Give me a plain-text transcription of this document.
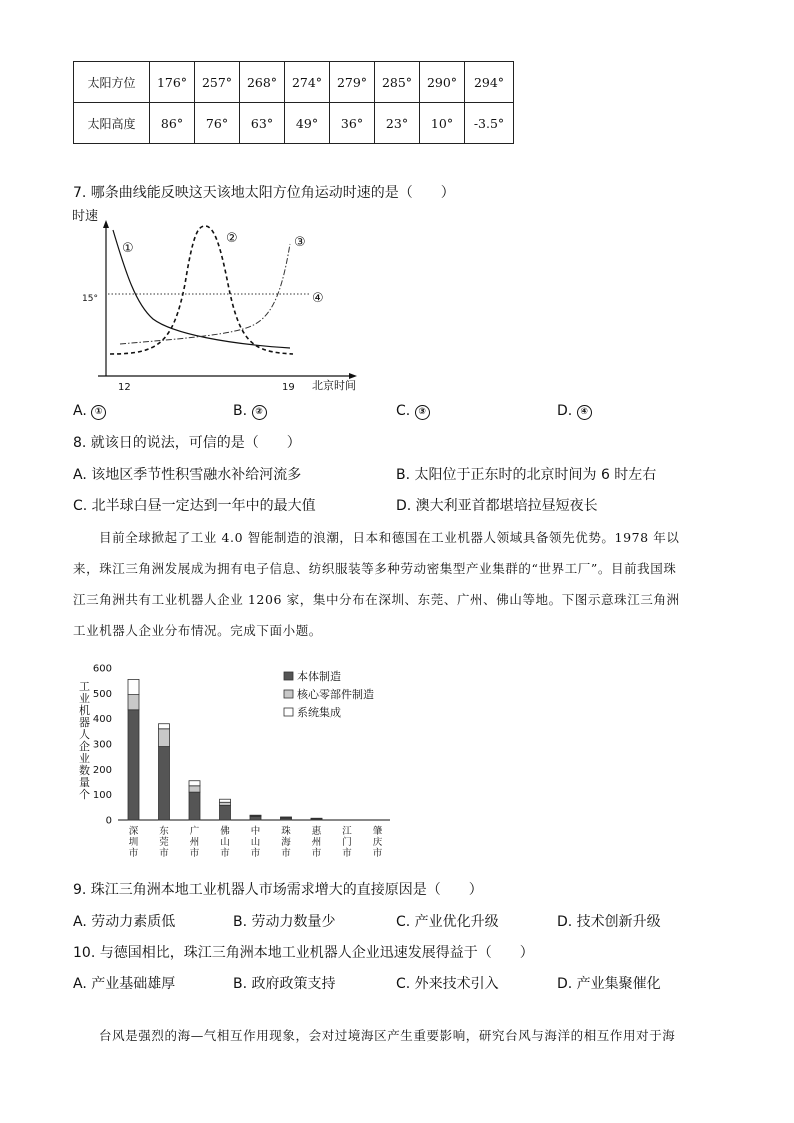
太阳方位	176°	257°	268°	274°	279°	285°	290°	294°
太阳高度	86°	76°	63°	49°	36°	23°	10°	-3.5°
7. 哪条曲线能反映这天该地太阳方位角运动时速的是（　　）
时速
12	19 北京时间
15°
①
②	③
④
A. ①	B. ②	C. ③	D. ④
8. 就该日的说法，可信的是（　　）
A. 该地区季节性积雪融水补给河流多	B. 太阳位于正东时的北京时间为 6 时左右
C. 北半球白昼一定达到一年中的最大值	D. 澳大利亚首都堪培拉昼短夜长
目前全球掀起了工业 4.0 智能制造的浪潮，日本和德国在工业机器人领域具备领先优势。1978 年以
来，珠江三角洲发展成为拥有电子信息、纺织服装等多种劳动密集型产业集群的“世界工厂”。目前我国珠
江三角洲共有工业机器人企业 1206 家，集中分布在深圳、东莞、广州、佛山等地。下图示意珠江三角洲
工业机器人企业分布情况。完成下面小题。
工
业
机
器
人
企
业
数
量
个
0
100
200
300
400
500
600
深
圳
市
东
莞
市
广
州
市
佛
山
市
中
山
市
珠
海
市
惠
州
市
江
门
市
肇
庆
市
本体制造
核心零部件制造
系统集成
9. 珠江三角洲本地工业机器人市场需求增大的直接原因是（　　）
A. 劳动力素质低	B. 劳动力数量少	C. 产业优化升级	D. 技术创新升级
10. 与德国相比，珠江三角洲本地工业机器人企业迅速发展得益于（　　）
A. 产业基础雄厚	B. 政府政策支持	C. 外来技术引入	D. 产业集聚催化
台风是强烈的海—气相互作用现象，会对过境海区产生重要影响，研究台风与海洋的相互作用对于海
